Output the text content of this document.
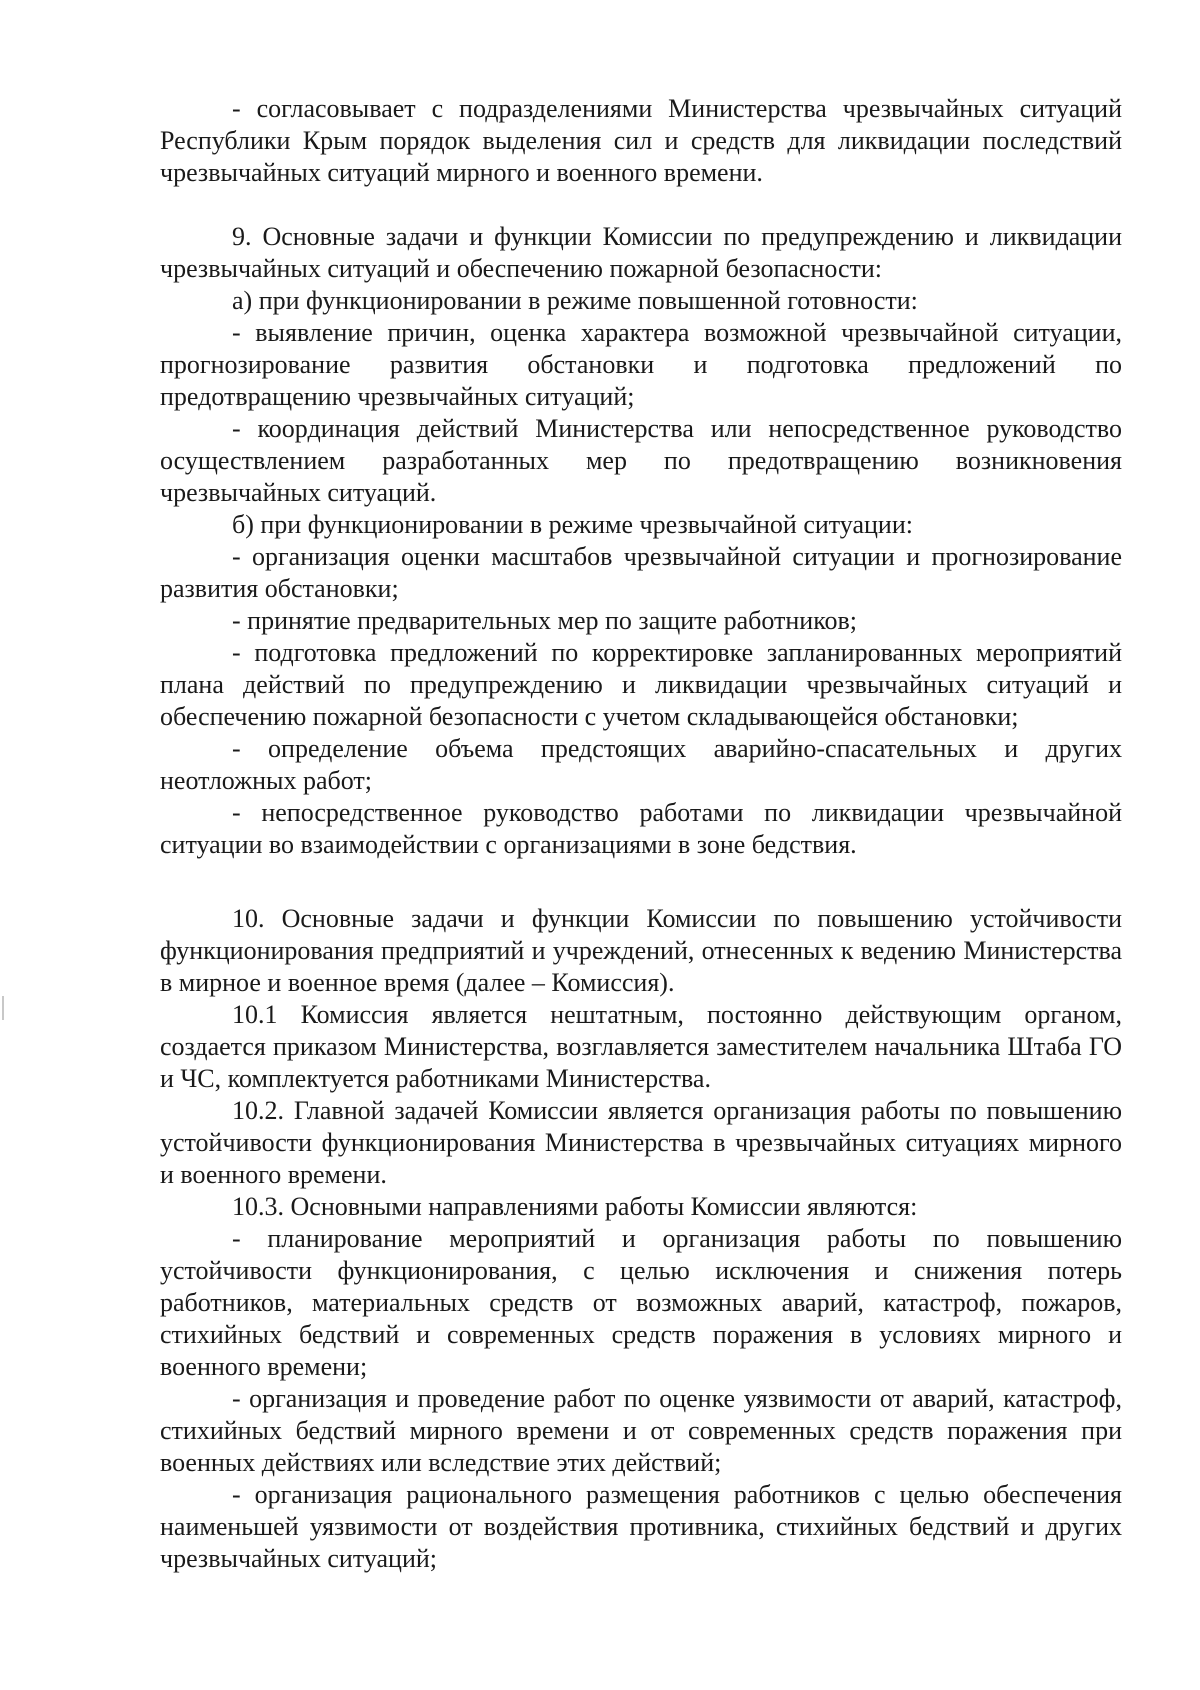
- согласовывает с подразделениями Министерства чрезвычайных ситуаций Республики Крым порядок выделения сил и средств для ликвидации последствий чрезвычайных ситуаций мирного и военного времени.

9. Основные задачи и функции Комиссии по предупреждению и ликвидации чрезвычайных ситуаций и обеспечению пожарной безопасности:

а) при функционировании в режиме повышенной готовности:

- выявление причин, оценка характера возможной чрезвычайной ситуации, прогнозирование развития обстановки и подготовка предложений по предотвращению чрезвычайных ситуаций;

- координация действий Министерства или непосредственное руководство осуществлением разработанных мер по предотвращению возникновения чрезвычайных ситуаций.

б) при функционировании в режиме чрезвычайной ситуации:

- организация оценки масштабов чрезвычайной ситуации и прогнозирование развития обстановки;

- принятие предварительных мер по защите работников;

- подготовка предложений по корректировке запланированных мероприятий плана действий по предупреждению и ликвидации чрезвычайных ситуаций и обеспечению пожарной безопасности с учетом складывающейся обстановки;

- определение объема предстоящих аварийно-спасательных и других неотложных работ;

- непосредственное руководство работами по ликвидации чрезвычайной ситуации во взаимодействии с организациями в зоне бедствия.

10. Основные задачи и функции Комиссии по повышению устойчивости функционирования предприятий и учреждений, отнесенных к ведению Министерства в мирное и военное время (далее – Комиссия).

10.1 Комиссия является нештатным, постоянно действующим органом, создается приказом Министерства, возглавляется заместителем начальника Штаба ГО и ЧС, комплектуется работниками Министерства.

10.2. Главной задачей Комиссии является организация работы по повышению устойчивости функционирования Министерства в чрезвычайных ситуациях мирного и военного времени.

10.3. Основными направлениями работы Комиссии являются:

- планирование мероприятий и организация работы по повышению устойчивости функционирования, с целью исключения и снижения потерь работников, материальных средств от возможных аварий, катастроф, пожаров, стихийных бедствий и современных средств поражения в условиях мирного и военного времени;

- организация и проведение работ по оценке уязвимости от аварий, катастроф, стихийных бедствий мирного времени и от современных средств поражения при военных действиях или вследствие этих действий;

- организация рационального размещения работников с целью обеспечения наименьшей уязвимости от воздействия противника, стихийных бедствий и других чрезвычайных ситуаций;
